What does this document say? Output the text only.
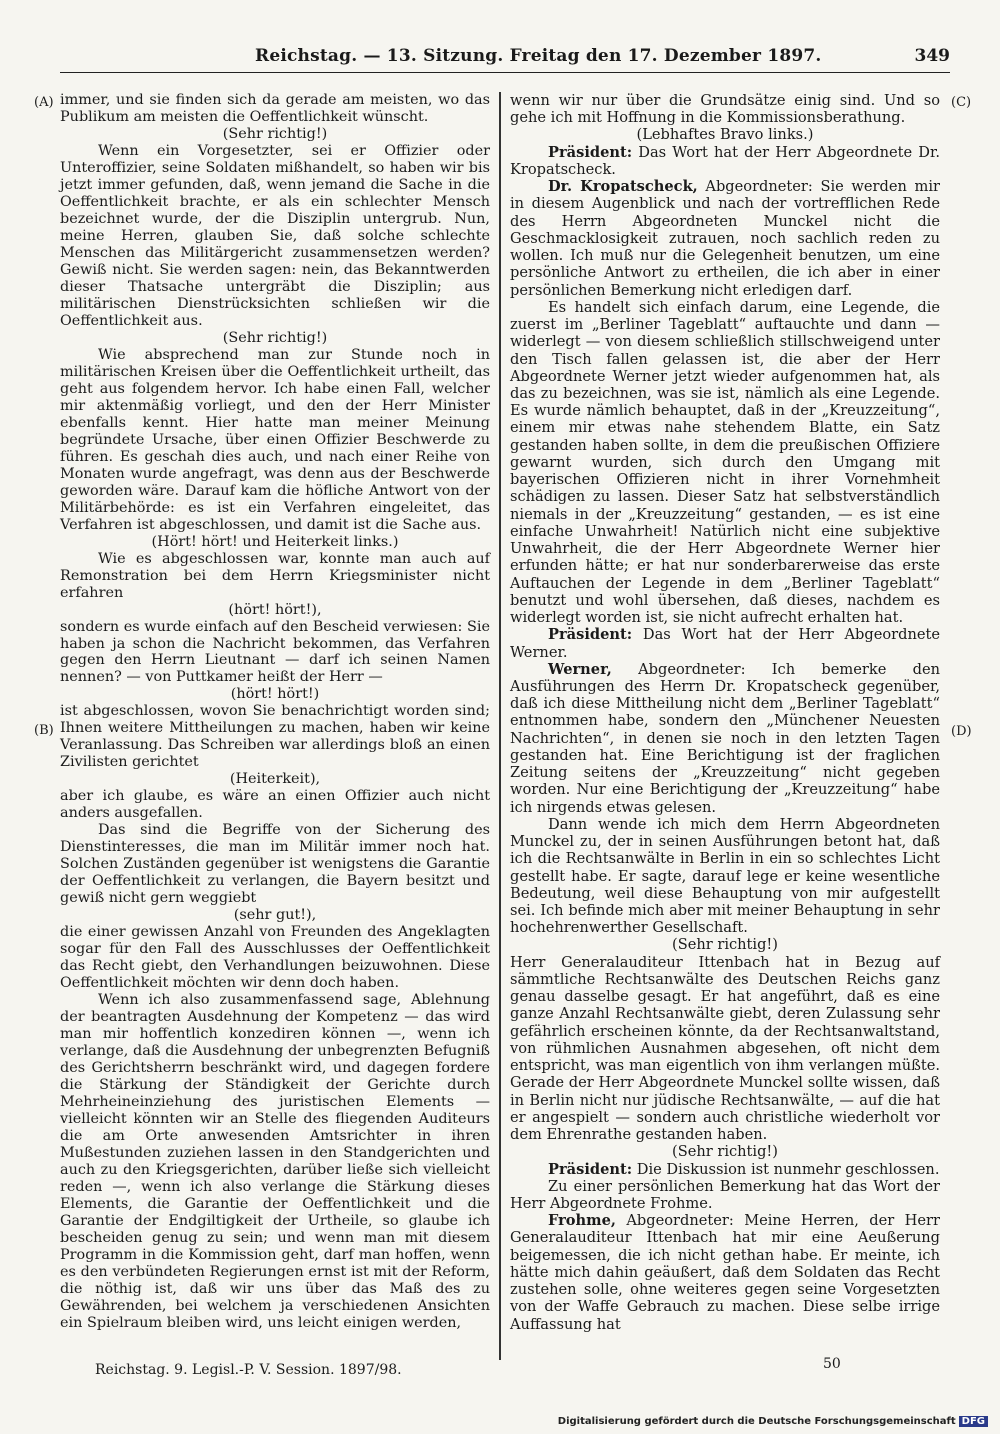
Reichstag. — 13. Sitzung. Freitag den 17. Dezember 1897.	349
(A)
(B)
(C)
(D)

immer, und sie finden sich da gerade am meisten, wo das Publikum am meisten die Oeffentlichkeit wünscht.

(Sehr richtig!)

Wenn ein Vorgesetzter, sei er Offizier oder Unteroffizier, seine Soldaten mißhandelt, so haben wir bis jetzt immer gefunden, daß, wenn jemand die Sache in die Oeffentlichkeit brachte, er als ein schlechter Mensch bezeichnet wurde, der die Disziplin untergrub. Nun, meine Herren, glauben Sie, daß solche schlechte Menschen das Militärgericht zusammensetzen werden? Gewiß nicht. Sie werden sagen: nein, das Bekanntwerden dieser Thatsache untergräbt die Disziplin; aus militärischen Dienstrücksichten schließen wir die Oeffentlichkeit aus.

(Sehr richtig!)

Wie absprechend man zur Stunde noch in militärischen Kreisen über die Oeffentlichkeit urtheilt, das geht aus folgendem hervor. Ich habe einen Fall, welcher mir aktenmäßig vorliegt, und den der Herr Minister ebenfalls kennt. Hier hatte man meiner Meinung begründete Ursache, über einen Offizier Beschwerde zu führen. Es geschah dies auch, und nach einer Reihe von Monaten wurde angefragt, was denn aus der Beschwerde geworden wäre. Darauf kam die höfliche Antwort von der Militärbehörde: es ist ein Verfahren eingeleitet, das Verfahren ist abgeschlossen, und damit ist die Sache aus.

(Hört! hört! und Heiterkeit links.)

Wie es abgeschlossen war, konnte man auch auf Remonstration bei dem Herrn Kriegsminister nicht erfahren

(hört! hört!),

sondern es wurde einfach auf den Bescheid verwiesen: Sie haben ja schon die Nachricht bekommen, das Verfahren gegen den Herrn Lieutnant — darf ich seinen Namen nennen? — von Puttkamer heißt der Herr —

(hört! hört!)

ist abgeschlossen, wovon Sie benachrichtigt worden sind; Ihnen weitere Mittheilungen zu machen, haben wir keine Veranlassung. Das Schreiben war allerdings bloß an einen Zivilisten gerichtet

(Heiterkeit),

aber ich glaube, es wäre an einen Offizier auch nicht anders ausgefallen.

Das sind die Begriffe von der Sicherung des Dienstinteresses, die man im Militär immer noch hat. Solchen Zuständen gegenüber ist wenigstens die Garantie der Oeffentlichkeit zu verlangen, die Bayern besitzt und gewiß nicht gern weggiebt

(sehr gut!),

die einer gewissen Anzahl von Freunden des Angeklagten sogar für den Fall des Ausschlusses der Oeffentlichkeit das Recht giebt, den Verhandlungen beizuwohnen. Diese Oeffentlichkeit möchten wir denn doch haben.

Wenn ich also zusammenfassend sage, Ablehnung der beantragten Ausdehnung der Kompetenz — das wird man mir hoffentlich konzediren können —, wenn ich verlange, daß die Ausdehnung der unbegrenzten Befugniß des Gerichtsherrn beschränkt wird, und dagegen fordere die Stärkung der Ständigkeit der Gerichte durch Mehrheineinziehung des juristischen Elements — vielleicht könnten wir an Stelle des fliegenden Auditeurs die am Orte anwesenden Amtsrichter in ihren Mußestunden zuziehen lassen in den Standgerichten und auch zu den Kriegsgerichten, darüber ließe sich vielleicht reden —, wenn ich also verlange die Stärkung dieses Elements, die Garantie der Oeffentlichkeit und die Garantie der Endgiltigkeit der Urtheile, so glaube ich bescheiden genug zu sein; und wenn man mit diesem Programm in die Kommission geht, darf man hoffen, wenn es den verbündeten Regierungen ernst ist mit der Reform, die nöthig ist, daß wir uns über das Maß des zu Gewährenden, bei welchem ja verschiedenen Ansichten ein Spielraum bleiben wird, uns leicht einigen werden,

wenn wir nur über die Grundsätze einig sind. Und so gehe ich mit Hoffnung in die Kommissionsberathung.

(Lebhaftes Bravo links.)

Präsident: Das Wort hat der Herr Abgeordnete Dr. Kropatscheck.

Dr. Kropatscheck, Abgeordneter: Sie werden mir in diesem Augenblick und nach der vortrefflichen Rede des Herrn Abgeordneten Munckel nicht die Geschmacklosigkeit zutrauen, noch sachlich reden zu wollen. Ich muß nur die Gelegenheit benutzen, um eine persönliche Antwort zu ertheilen, die ich aber in einer persönlichen Bemerkung nicht erledigen darf.

Es handelt sich einfach darum, eine Legende, die zuerst im „Berliner Tageblatt“ auftauchte und dann — widerlegt — von diesem schließlich stillschweigend unter den Tisch fallen gelassen ist, die aber der Herr Abgeordnete Werner jetzt wieder aufgenommen hat, als das zu bezeichnen, was sie ist, nämlich als eine Legende. Es wurde nämlich behauptet, daß in der „Kreuzzeitung“, einem mir etwas nahe stehendem Blatte, ein Satz gestanden haben sollte, in dem die preußischen Offiziere gewarnt wurden, sich durch den Umgang mit bayerischen Offizieren nicht in ihrer Vornehmheit schädigen zu lassen. Dieser Satz hat selbstverständlich niemals in der „Kreuzzeitung“ gestanden, — es ist eine einfache Unwahrheit! Natürlich nicht eine subjektive Unwahrheit, die der Herr Abgeordnete Werner hier erfunden hätte; er hat nur sonderbarerweise das erste Auftauchen der Legende in dem „Berliner Tageblatt“ benutzt und wohl übersehen, daß dieses, nachdem es widerlegt worden ist, sie nicht aufrecht erhalten hat.

Präsident: Das Wort hat der Herr Abgeordnete Werner.

Werner, Abgeordneter: Ich bemerke den Ausführungen des Herrn Dr. Kropatscheck gegenüber, daß ich diese Mittheilung nicht dem „Berliner Tageblatt“ entnommen habe, sondern den „Münchener Neuesten Nachrichten“, in denen sie noch in den letzten Tagen gestanden hat. Eine Berichtigung ist der fraglichen Zeitung seitens der „Kreuzzeitung“ nicht gegeben worden. Nur eine Berichtigung der „Kreuzzeitung“ habe ich nirgends etwas gelesen.

Dann wende ich mich dem Herrn Abgeordneten Munckel zu, der in seinen Ausführungen betont hat, daß ich die Rechtsanwälte in Berlin in ein so schlechtes Licht gestellt habe. Er sagte, darauf lege er keine wesentliche Bedeutung, weil diese Behauptung von mir aufgestellt sei. Ich befinde mich aber mit meiner Behauptung in sehr hochehrenwerther Gesellschaft.

(Sehr richtig!)

Herr Generalauditeur Ittenbach hat in Bezug auf sämmtliche Rechtsanwälte des Deutschen Reichs ganz genau dasselbe gesagt. Er hat angeführt, daß es eine ganze Anzahl Rechtsanwälte giebt, deren Zulassung sehr gefährlich erscheinen könnte, da der Rechtsanwaltstand, von rühmlichen Ausnahmen abgesehen, oft nicht dem entspricht, was man eigentlich von ihm verlangen müßte. Gerade der Herr Abgeordnete Munckel sollte wissen, daß in Berlin nicht nur jüdische Rechtsanwälte, — auf die hat er angespielt — sondern auch christliche wiederholt vor dem Ehrenrathe gestanden haben.

(Sehr richtig!)

Präsident: Die Diskussion ist nunmehr geschlossen.

Zu einer persönlichen Bemerkung hat das Wort der Herr Abgeordnete Frohme.

Frohme, Abgeordneter: Meine Herren, der Herr Generalauditeur Ittenbach hat mir eine Aeußerung beigemessen, die ich nicht gethan habe. Er meinte, ich hätte mich dahin geäußert, daß dem Soldaten das Recht zustehen solle, ohne weiteres gegen seine Vorgesetzten von der Waffe Gebrauch zu machen. Diese selbe irrige Auffassung hat

Reichstag. 9. Legisl.-P. V. Session. 1897/98.	50
Digitalisierung gefördert durch die Deutsche Forschungsgemeinschaft DFG
